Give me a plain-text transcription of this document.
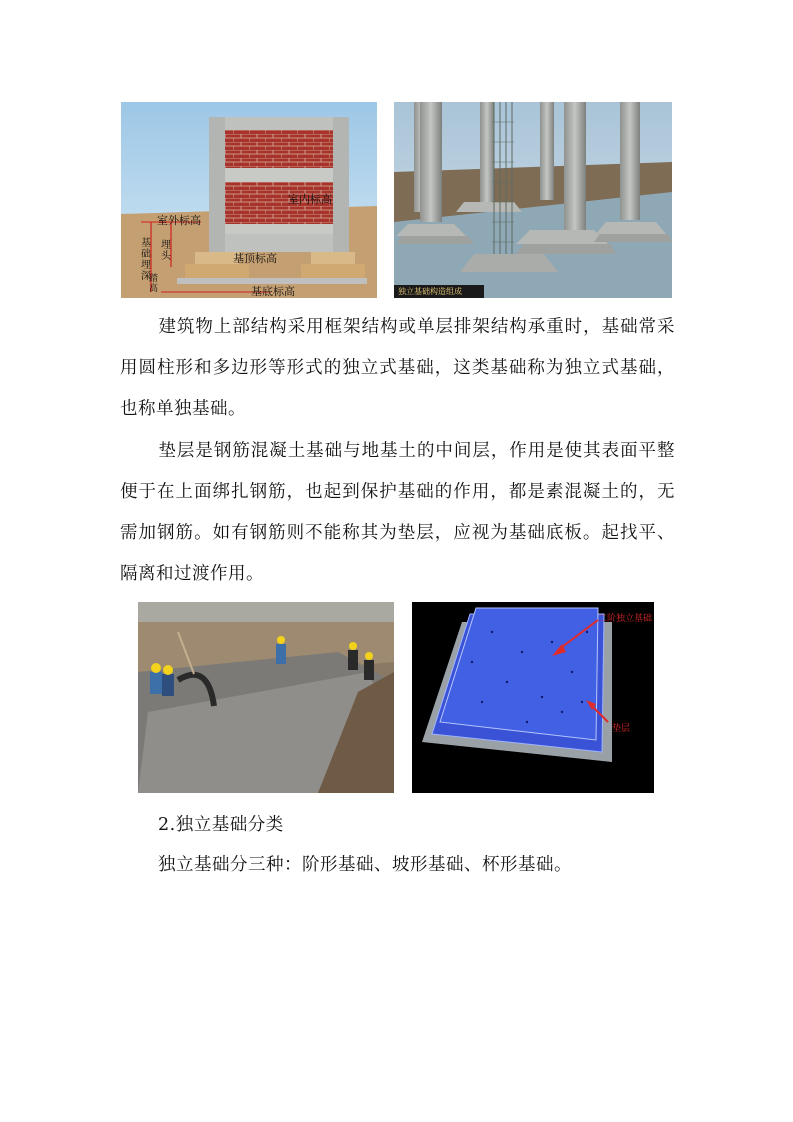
室外标高
室内标高
基础埋深
埋头
踏高
基顶标高
基底标高	独立基础构造组成
建筑物上部结构采用框架结构或单层排架结构承重时，基础常采用圆柱形和多边形等形式的独立式基础，这类基础称为独立式基础，也称单独基础。
垫层是钢筋混凝土基础与地基土的中间层，作用是使其表面平整便于在上面绑扎钢筋，也起到保护基础的作用，都是素混凝土的，无需加钢筋。如有钢筋则不能称其为垫层，应视为基础底板。起找平、隔离和过渡作用。
二阶独立基础
垫层
2.独立基础分类
独立基础分三种：阶形基础、坡形基础、杯形基础。
